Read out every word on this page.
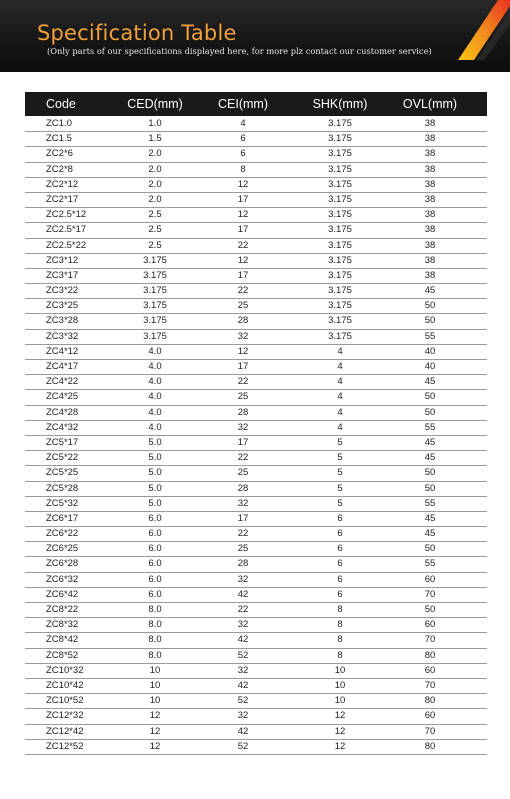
Specification Table
(Only parts of our specifications displayed here, for more plz contact our customer service)
Code	CED(mm)	CEI(mm)	SHK(mm)	OVL(mm)
ZC1.0	1.0	4	3.175	38
ZC1.5	1.5	6	3.175	38
ZC2*6	2.0	6	3.175	38
ZC2*8	2.0	8	3.175	38
ZC2*12	2.0	12	3.175	38
ZC2*17	2.0	17	3.175	38
ZC2.5*12	2.5	12	3.175	38
ZC2.5*17	2.5	17	3.175	38
ZC2.5*22	2.5	22	3.175	38
ZC3*12	3.175	12	3.175	38
ZC3*17	3.175	17	3.175	38
ZC3*22	3.175	22	3.175	45
ZC3*25	3.175	25	3.175	50
ZC3*28	3.175	28	3.175	50
ZC3*32	3.175	32	3.175	55
ZC4*12	4.0	12	4	40
ZC4*17	4.0	17	4	40
ZC4*22	4.0	22	4	45
ZC4*25	4.0	25	4	50
ZC4*28	4.0	28	4	50
ZC4*32	4.0	32	4	55
ZC5*17	5.0	17	5	45
ZC5*22	5.0	22	5	45
ZC5*25	5.0	25	5	50
ZC5*28	5.0	28	5	50
ZC5*32	5.0	32	5	55
ZC6*17	6.0	17	6	45
ZC6*22	6.0	22	6	45
ZC6*25	6.0	25	6	50
ZC6*28	6.0	28	6	55
ZC6*32	6.0	32	6	60
ZC6*42	6.0	42	6	70
ZC8*22	8.0	22	8	50
ZC8*32	8.0	32	8	60
ZC8*42	8.0	42	8	70
ZC8*52	8.0	52	8	80
ZC10*32	10	32	10	60
ZC10*42	10	42	10	70
ZC10*52	10	52	10	80
ZC12*32	12	32	12	60
ZC12*42	12	42	12	70
ZC12*52	12	52	12	80
